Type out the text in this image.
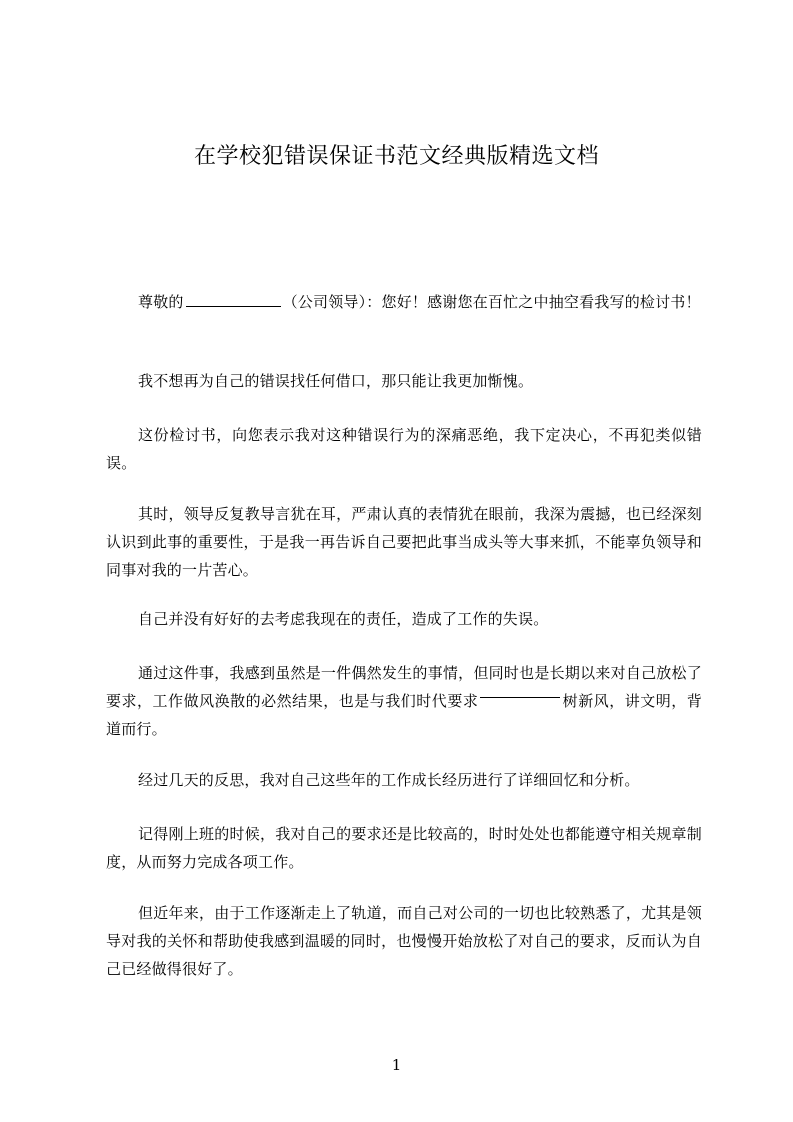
在学校犯错误保证书范文经典版精选文档

尊敬的	（公司领导）：您好！感谢您在百忙之中抽空看我写的检讨书！

我不想再为自己的错误找任何借口，那只能让我更加惭愧。

这份检讨书，向您表示我对这种错误行为的深痛恶绝，我下定决心，不再犯类似错误。

其时，领导反复教导言犹在耳，严肃认真的表情犹在眼前，我深为震撼，也已经深刻认识到此事的重要性，于是我一再告诉自己要把此事当成头等大事来抓，不能辜负领导和同事对我的一片苦心。

自己并没有好好的去考虑我现在的责任，造成了工作的失误。

通过这件事，我感到虽然是一件偶然发生的事情，但同时也是长期以来对自己放松了要求，工作做风涣散的必然结果，也是与我们时代要求	树新风，讲文明，背道而行。

经过几天的反思，我对自己这些年的工作成长经历进行了详细回忆和分析。

记得刚上班的时候，我对自己的要求还是比较高的，时时处处也都能遵守相关规章制度，从而努力完成各项工作。

但近年来，由于工作逐渐走上了轨道，而自己对公司的一切也比较熟悉了，尤其是领导对我的关怀和帮助使我感到温暖的同时，也慢慢开始放松了对自己的要求，反而认为自己已经做得很好了。

1
